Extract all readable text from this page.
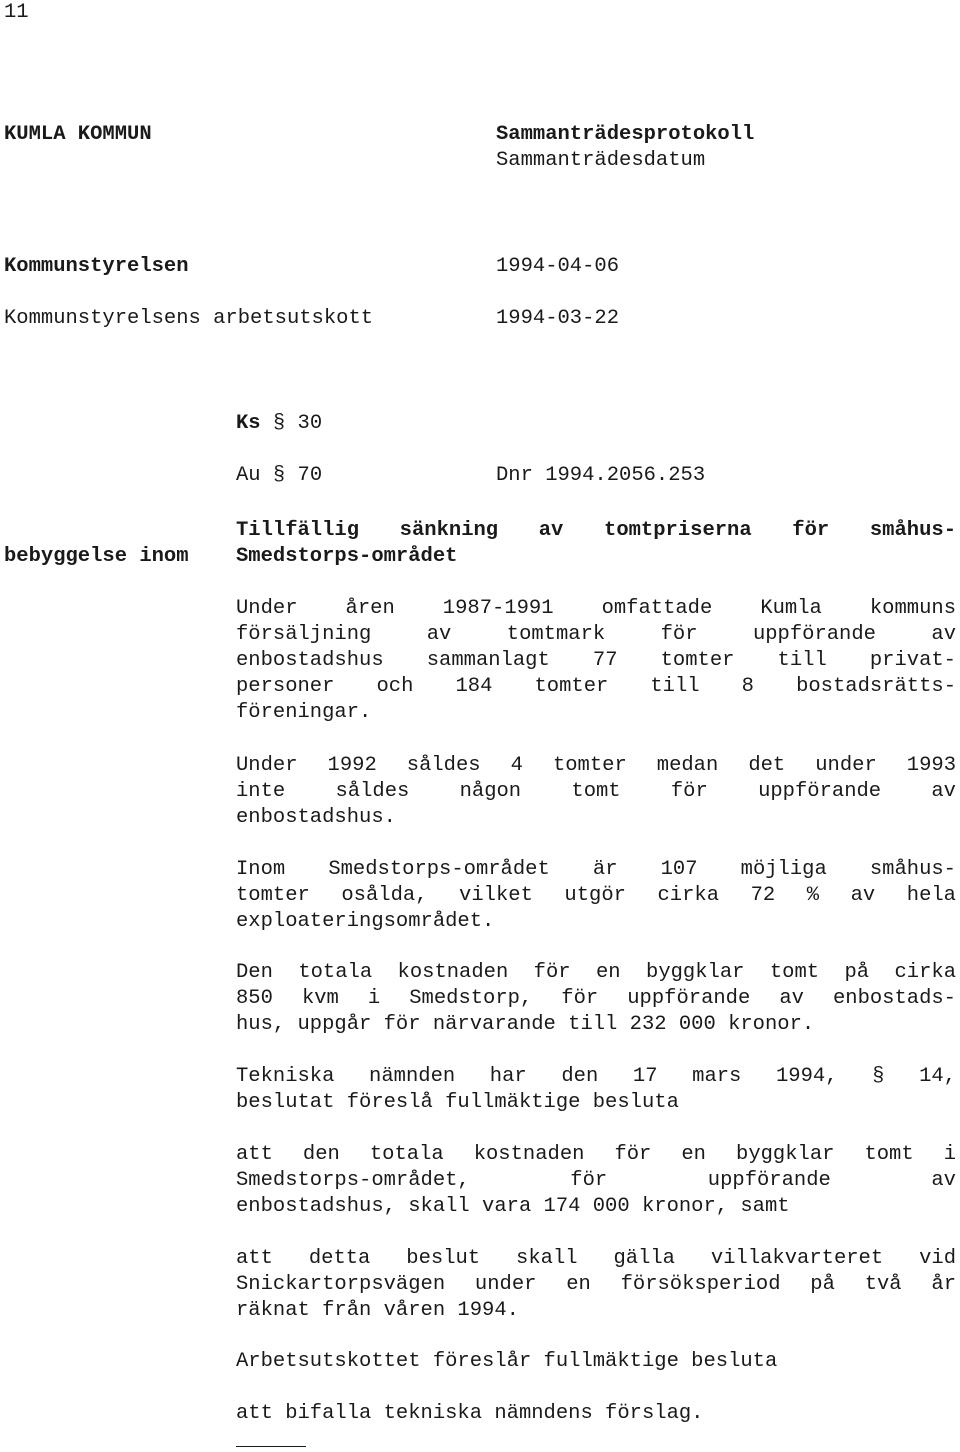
11
KUMLA KOMMUN	Sammanträdesprotokoll
Sammanträdesdatum
Kommunstyrelsen	1994-04-06
Kommunstyrelsens arbetsutskott	1994-03-22
Ks § 30
Au § 70	Dnr 1994.2056.253
Tillfällig sänkning av tomtpriserna för småhus-
bebyggelse inom Smedstorps-området
Under åren 1987-1991 omfattade Kumla kommuns
försäljning av tomtmark för uppförande av
enbostadshus sammanlagt 77 tomter till privat-
personer och 184 tomter till 8 bostadsrätts-
föreningar.
Under 1992 såldes 4 tomter medan det under 1993
inte såldes någon tomt för uppförande av
enbostadshus.
Inom Smedstorps-området är 107 möjliga småhus-
tomter osålda, vilket utgör cirka 72 % av hela
exploateringsområdet.
Den totala kostnaden för en byggklar tomt på cirka
850 kvm i Smedstorp, för uppförande av enbostads-
hus, uppgår för närvarande till 232 000 kronor.
Tekniska nämnden har den 17 mars 1994, § 14,
beslutat föreslå fullmäktige besluta
att den totala kostnaden för en byggklar tomt i
Smedstorps-området, för uppförande av
enbostadshus, skall vara 174 000 kronor, samt
att detta beslut skall gälla villakvarteret vid
Snickartorpsvägen under en försöksperiod på två år
räknat från våren 1994.
Arbetsutskottet föreslår fullmäktige besluta
att bifalla tekniska nämndens förslag.
